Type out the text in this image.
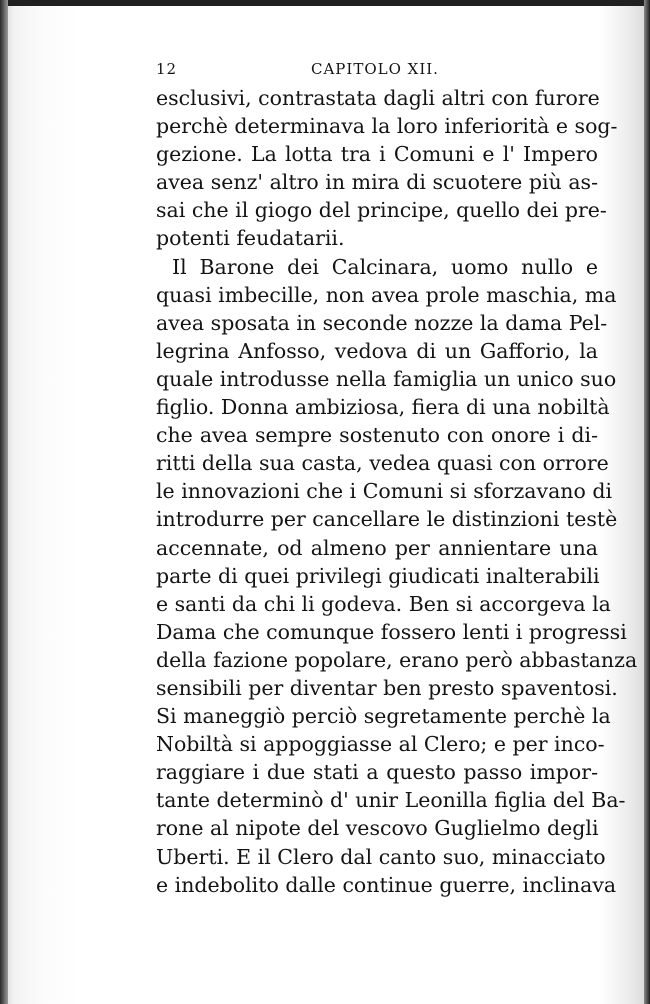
12	CAPITOLO XII.
esclusivi, contrastata dagli altri con furore
perchè determinava la loro inferiorità e sog-
gezione. La lotta tra i Comuni e l' Impero
avea senz' altro in mira di scuotere più as-
sai che il giogo del principe, quello dei pre-
potenti feudatarii.
Il Barone dei Calcinara, uomo nullo e
quasi imbecille, non avea prole maschia, ma
avea sposata in seconde nozze la dama Pel-
legrina Anfosso, vedova di un Gafforio, la
quale introdusse nella famiglia un unico suo
figlio. Donna ambiziosa, fiera di una nobiltà
che avea sempre sostenuto con onore i di-
ritti della sua casta, vedea quasi con orrore
le innovazioni che i Comuni si sforzavano di
introdurre per cancellare le distinzioni testè
accennate, od almeno per annientare una
parte di quei privilegi giudicati inalterabili
e santi da chi li godeva. Ben si accorgeva la
Dama che comunque fossero lenti i progressi
della fazione popolare, erano però abbastanza
sensibili per diventar ben presto spaventosi.
Si maneggiò perciò segretamente perchè la
Nobiltà si appoggiasse al Clero; e per inco-
raggiare i due stati a questo passo impor-
tante determinò d' unir Leonilla figlia del Ba-
rone al nipote del vescovo Guglielmo degli
Uberti. E il Clero dal canto suo, minacciato
e indebolito dalle continue guerre, inclinava
